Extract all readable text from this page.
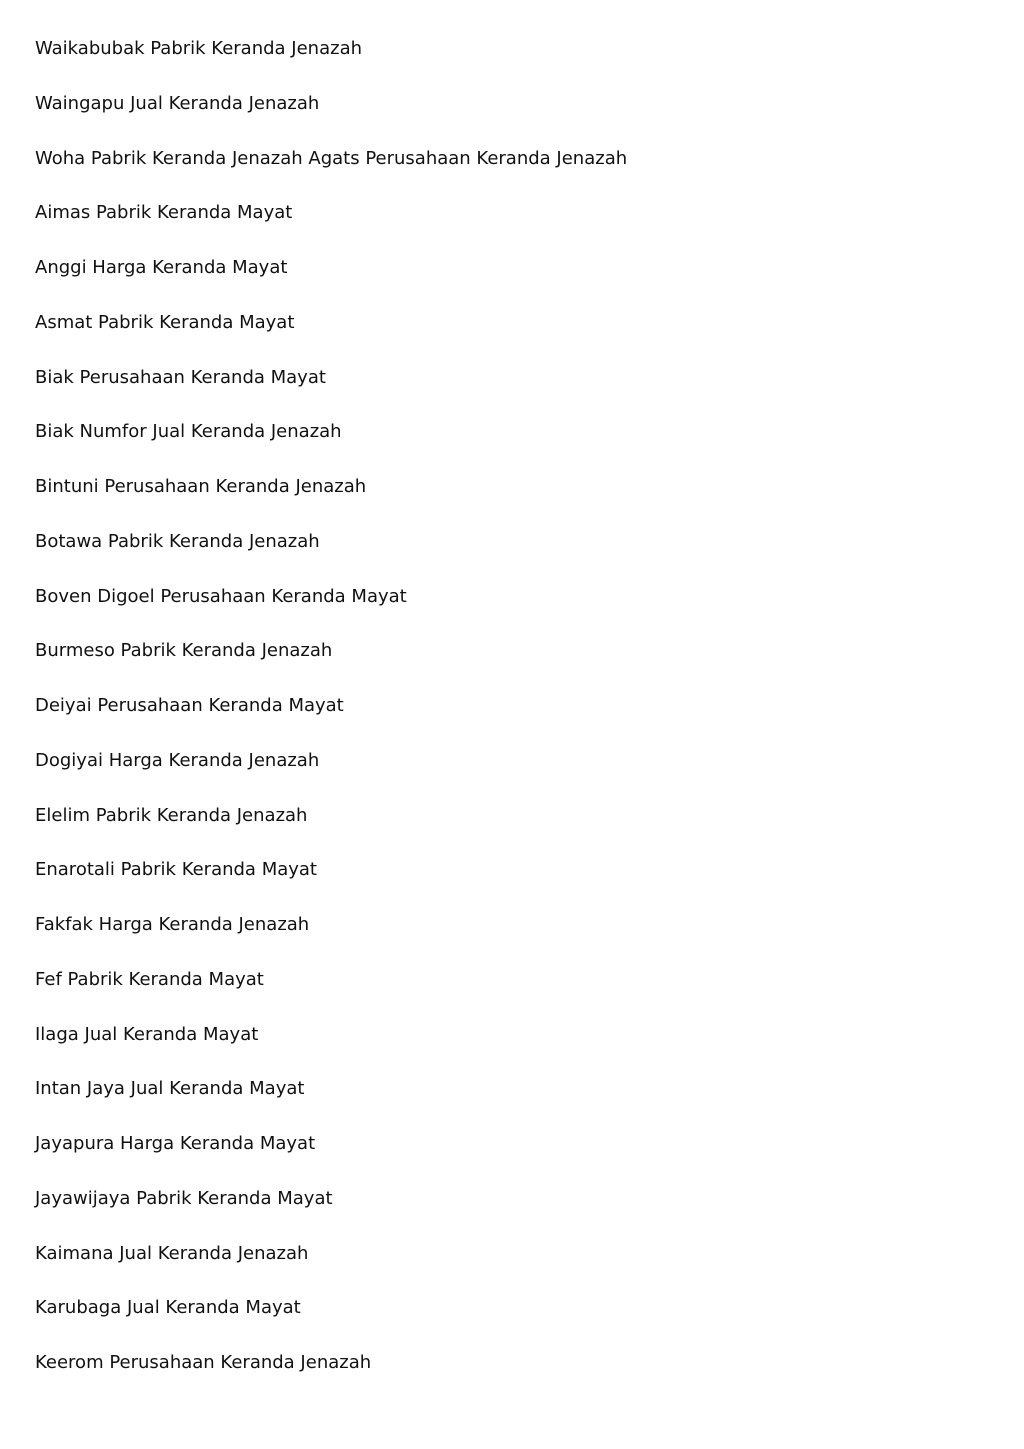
Waikabubak Pabrik Keranda Jenazah
Waingapu Jual Keranda Jenazah
Woha Pabrik Keranda Jenazah Agats Perusahaan Keranda Jenazah
Aimas Pabrik Keranda Mayat
Anggi Harga Keranda Mayat
Asmat Pabrik Keranda Mayat
Biak Perusahaan Keranda Mayat
Biak Numfor Jual Keranda Jenazah
Bintuni Perusahaan Keranda Jenazah
Botawa Pabrik Keranda Jenazah
Boven Digoel Perusahaan Keranda Mayat
Burmeso Pabrik Keranda Jenazah
Deiyai Perusahaan Keranda Mayat
Dogiyai Harga Keranda Jenazah
Elelim Pabrik Keranda Jenazah
Enarotali Pabrik Keranda Mayat
Fakfak Harga Keranda Jenazah
Fef Pabrik Keranda Mayat
Ilaga Jual Keranda Mayat
Intan Jaya Jual Keranda Mayat
Jayapura Harga Keranda Mayat
Jayawijaya Pabrik Keranda Mayat
Kaimana Jual Keranda Jenazah
Karubaga Jual Keranda Mayat
Keerom Perusahaan Keranda Jenazah
